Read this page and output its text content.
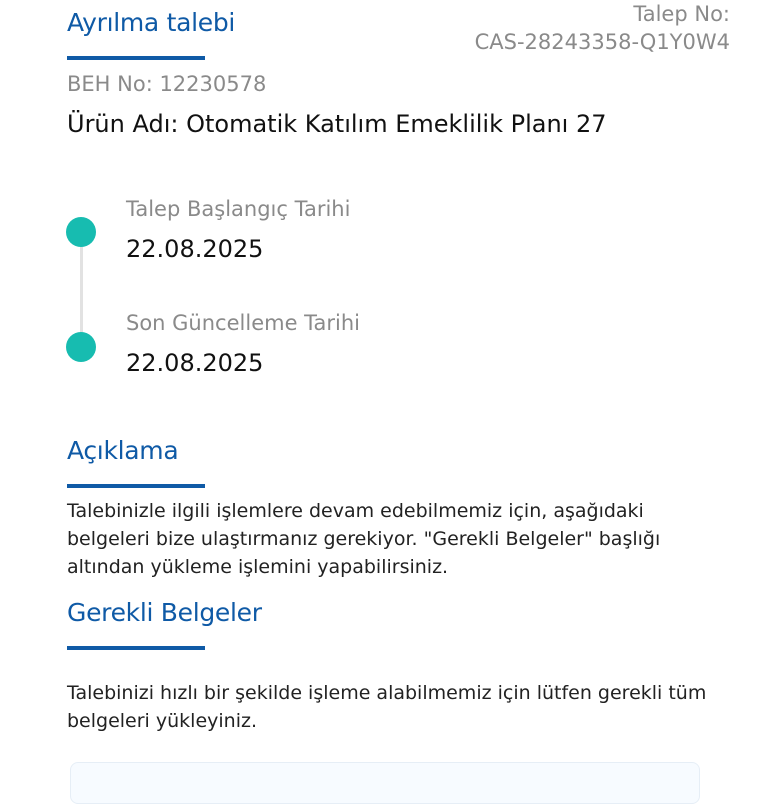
Ayrılma talebi	Talep No:
CAS-28243358-Q1Y0W4
BEH No: 12230578
Ürün Adı: Otomatik Katılım Emeklilik Planı 27
Talep Başlangıç Tarihi
22.08.2025
Son Güncelleme Tarihi
22.08.2025
Açıklama
Talebinizle ilgili işlemlere devam edebilmemiz için, aşağıdaki belgeleri bize ulaştırmanız gerekiyor. "Gerekli Belgeler" başlığı altından yükleme işlemini yapabilirsiniz.
Gerekli Belgeler
Talebinizi hızlı bir şekilde işleme alabilmemiz için lütfen gerekli tüm belgeleri yükleyiniz.
